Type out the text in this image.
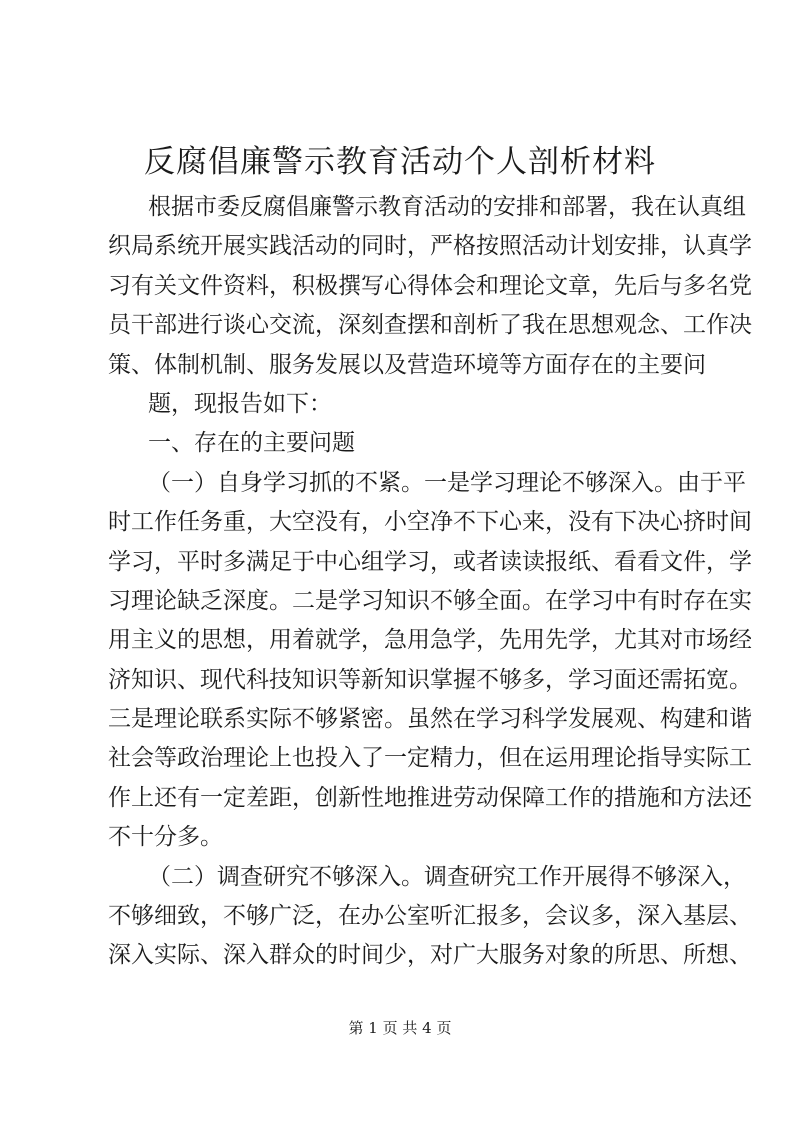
反腐倡廉警示教育活动个人剖析材料
根据市委反腐倡廉警示教育活动的安排和部署，我在认真组
织局系统开展实践活动的同时，严格按照活动计划安排，认真学
习有关文件资料，积极撰写心得体会和理论文章，先后与多名党
员干部进行谈心交流，深刻查摆和剖析了我在思想观念、工作决
策、体制机制、服务发展以及营造环境等方面存在的主要问
题，现报告如下：
一、存在的主要问题
（一）自身学习抓的不紧。一是学习理论不够深入。由于平
时工作任务重，大空没有，小空净不下心来，没有下决心挤时间
学习，平时多满足于中心组学习，或者读读报纸、看看文件，学
习理论缺乏深度。二是学习知识不够全面。在学习中有时存在实
用主义的思想，用着就学，急用急学，先用先学，尤其对市场经
济知识、现代科技知识等新知识掌握不够多，学习面还需拓宽。
三是理论联系实际不够紧密。虽然在学习科学发展观、构建和谐
社会等政治理论上也投入了一定精力，但在运用理论指导实际工
作上还有一定差距，创新性地推进劳动保障工作的措施和方法还
不十分多。
（二）调查研究不够深入。调查研究工作开展得不够深入，
不够细致，不够广泛，在办公室听汇报多，会议多，深入基层、
深入实际、深入群众的时间少，对广大服务对象的所思、所想、
第 1 页 共 4 页
